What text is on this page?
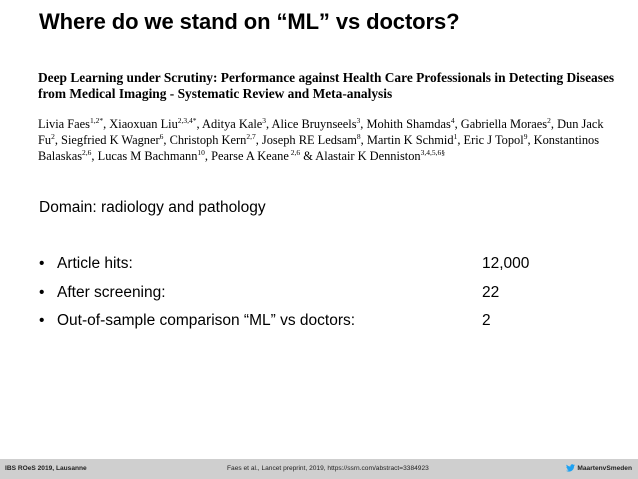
Where do we stand on “ML” vs doctors?
Deep Learning under Scrutiny: Performance against Health Care Professionals in Detecting Diseases
from Medical Imaging - Systematic Review and Meta-analysis
Livia Faes$^{1,2*}$, Xiaoxuan Liu$^{2,3,4*}$, Aditya Kale$^3$, Alice Bruynseels$^3$, Mohith Shamdas$^4$, Gabriella Moraes$^2$, Dun Jack Fu$^2$, Siegfried K Wagner$^6$, Christoph Kern$^{2,7}$, Joseph RE Ledsam$^8$, Martin K Schmid$^1$, Eric J Topol$^9$, Konstantinos Balaskas$^{2,6}$, Lucas M Bachmann$^{10}$, Pearse A Keane $^{2,6}$ & Alastair K Denniston$^{3,4,5,6\S}$
Domain: radiology and pathology
• Article hits:	12,000
• After screening:	22
• Out-of-sample comparison “ML” vs doctors:	2
IBS ROeS 2019, Lausanne	Faes et al., Lancet preprint, 2019, https://ssrn.com/abstract=3384923	MaartenvSmeden
